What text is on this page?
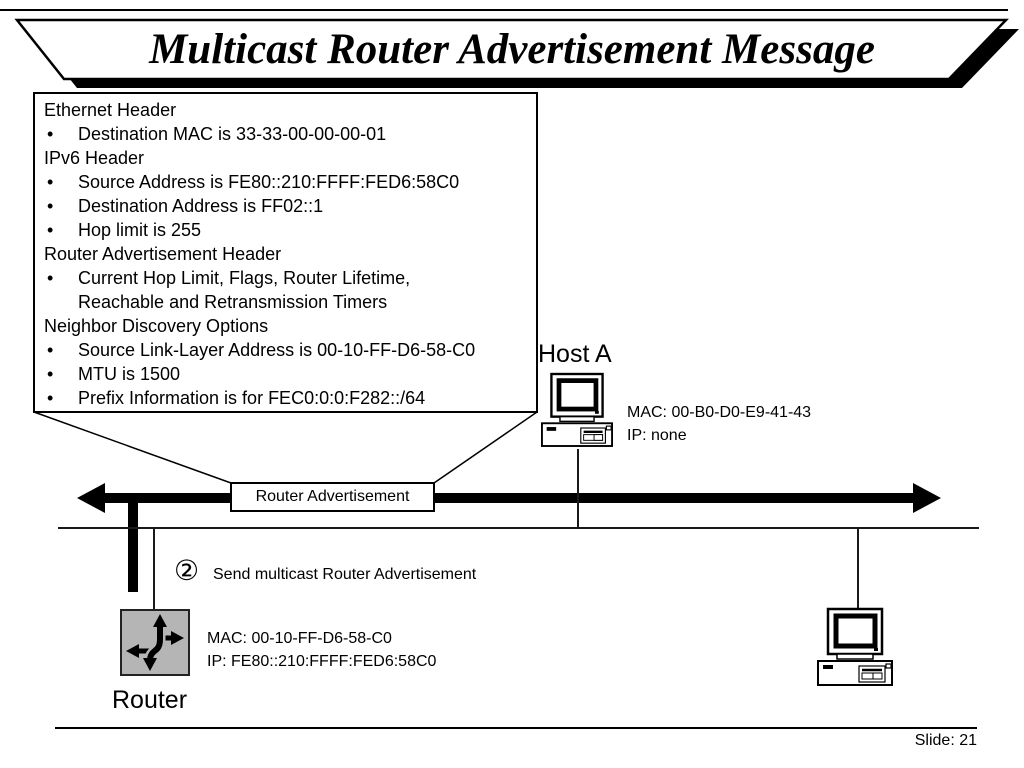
Multicast Router Advertisement Message
Ethernet Header
• Destination MAC is 33-33-00-00-00-01
IPv6 Header
• Source Address is FE80::210:FFFF:FED6:58C0
• Destination Address is FF02::1
• Hop limit is 255
Router Advertisement Header
• Current Hop Limit, Flags, Router Lifetime,
Reachable and Retransmission Timers
Neighbor Discovery Options
• Source Link-Layer Address is 00-10-FF-D6-58-C0
• MTU is 1500
• Prefix Information is for FEC0:0:0:F282::/64
Router Advertisement
Host A
MAC: 00-B0-D0-E9-41-43
IP: none
② Send multicast Router Advertisement
MAC: 00-10-FF-D6-58-C0
IP: FE80::210:FFFF:FED6:58C0
Router
Slide: 21
